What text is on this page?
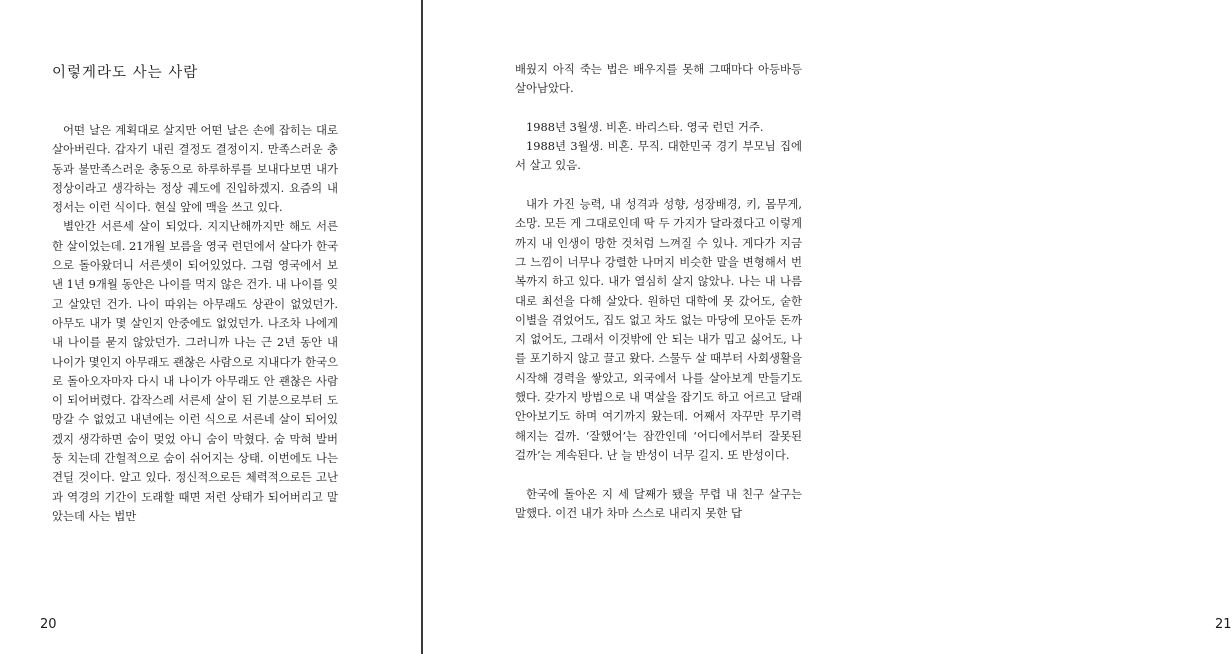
이렇게라도 사는 사람

어떤 날은 계획대로 살지만 어떤 날은 손에 잡히는 대로 살아버린다. 갑자기 내린 결정도 결정이지. 만족스러운 충동과 불만족스러운 충동으로 하루하루를 보내다보면 내가 정상이라고 생각하는 정상 궤도에 진입하겠지. 요즘의 내 정서는 이런 식이다. 현실 앞에 맥을 쓰고 있다.

별안간 서른세 살이 되었다. 지지난해까지만 해도 서른한 살이었는데. 21개월 보름을 영국 런던에서 살다가 한국으로 돌아왔더니 서른셋이 되어있었다. 그럼 영국에서 보낸 1년 9개월 동안은 나이를 먹지 않은 건가. 내 나이를 잊고 살았던 건가. 나이 따위는 아무래도 상관이 없었던가. 아무도 내가 몇 살인지 안중에도 없었던가. 나조차 나에게 내 나이를 묻지 않았던가. 그러니까 나는 근 2년 동안 내 나이가 몇인지 아무래도 괜찮은 사람으로 지내다가 한국으로 돌아오자마자 다시 내 나이가 아무래도 안 괜찮은 사람이 되어버렸다. 갑작스레 서른세 살이 된 기분으로부터 도망갈 수 없었고 내년에는 이런 식으로 서른네 살이 되어있겠지 생각하면 숨이 멎었 아니 숨이 막혔다. 숨 막혀 발버둥 치는데 간헐적으로 숨이 쉬어지는 상태. 이번에도 나는 견딜 것이다. 알고 있다. 정신적으로든 체력적으로든 고난과 역경의 기간이 도래할 때면 저런 상태가 되어버리고 말았는데 사는 법만

20	21

배웠지 아직 죽는 법은 배우지를 못해 그때마다 아등바등 살아남았다.

1988년 3월생. 비혼. 바리스타. 영국 런던 거주.

1988년 3월생. 비혼. 무직. 대한민국 경기 부모님 집에서 살고 있음.

내가 가진 능력, 내 성격과 성향, 성장배경, 키, 몸무게, 소망. 모든 게 그대로인데 딱 두 가지가 달라졌다고 이렇게까지 내 인생이 망한 것처럼 느껴질 수 있나. 게다가 지금 그 느낌이 너무나 강렬한 나머지 비슷한 말을 변형해서 번복까지 하고 있다. 내가 열심히 살지 않았나. 나는 내 나름대로 최선을 다해 살았다. 원하던 대학에 못 갔어도, 숱한 이별을 겪었어도, 집도 없고 차도 없는 마당에 모아둔 돈까지 없어도, 그래서 이것밖에 안 되는 내가 밉고 싫어도, 나를 포기하지 않고 끌고 왔다. 스물두 살 때부터 사회생활을 시작해 경력을 쌓았고, 외국에서 나를 살아보게 만들기도 했다. 갖가지 방법으로 내 멱살을 잡기도 하고 어르고 달래 안아보기도 하며 여기까지 왔는데. 어째서 자꾸만 무기력해지는 걸까. ‘잘했어’는 잠깐인데 ‘어디에서부터 잘못된 걸까’는 계속된다. 난 늘 반성이 너무 길지. 또 반성이다.

한국에 돌아온 지 세 달째가 됐을 무렵 내 친구 살구는 말했다. 이건 내가 차마 스스로 내리지 못한 답
